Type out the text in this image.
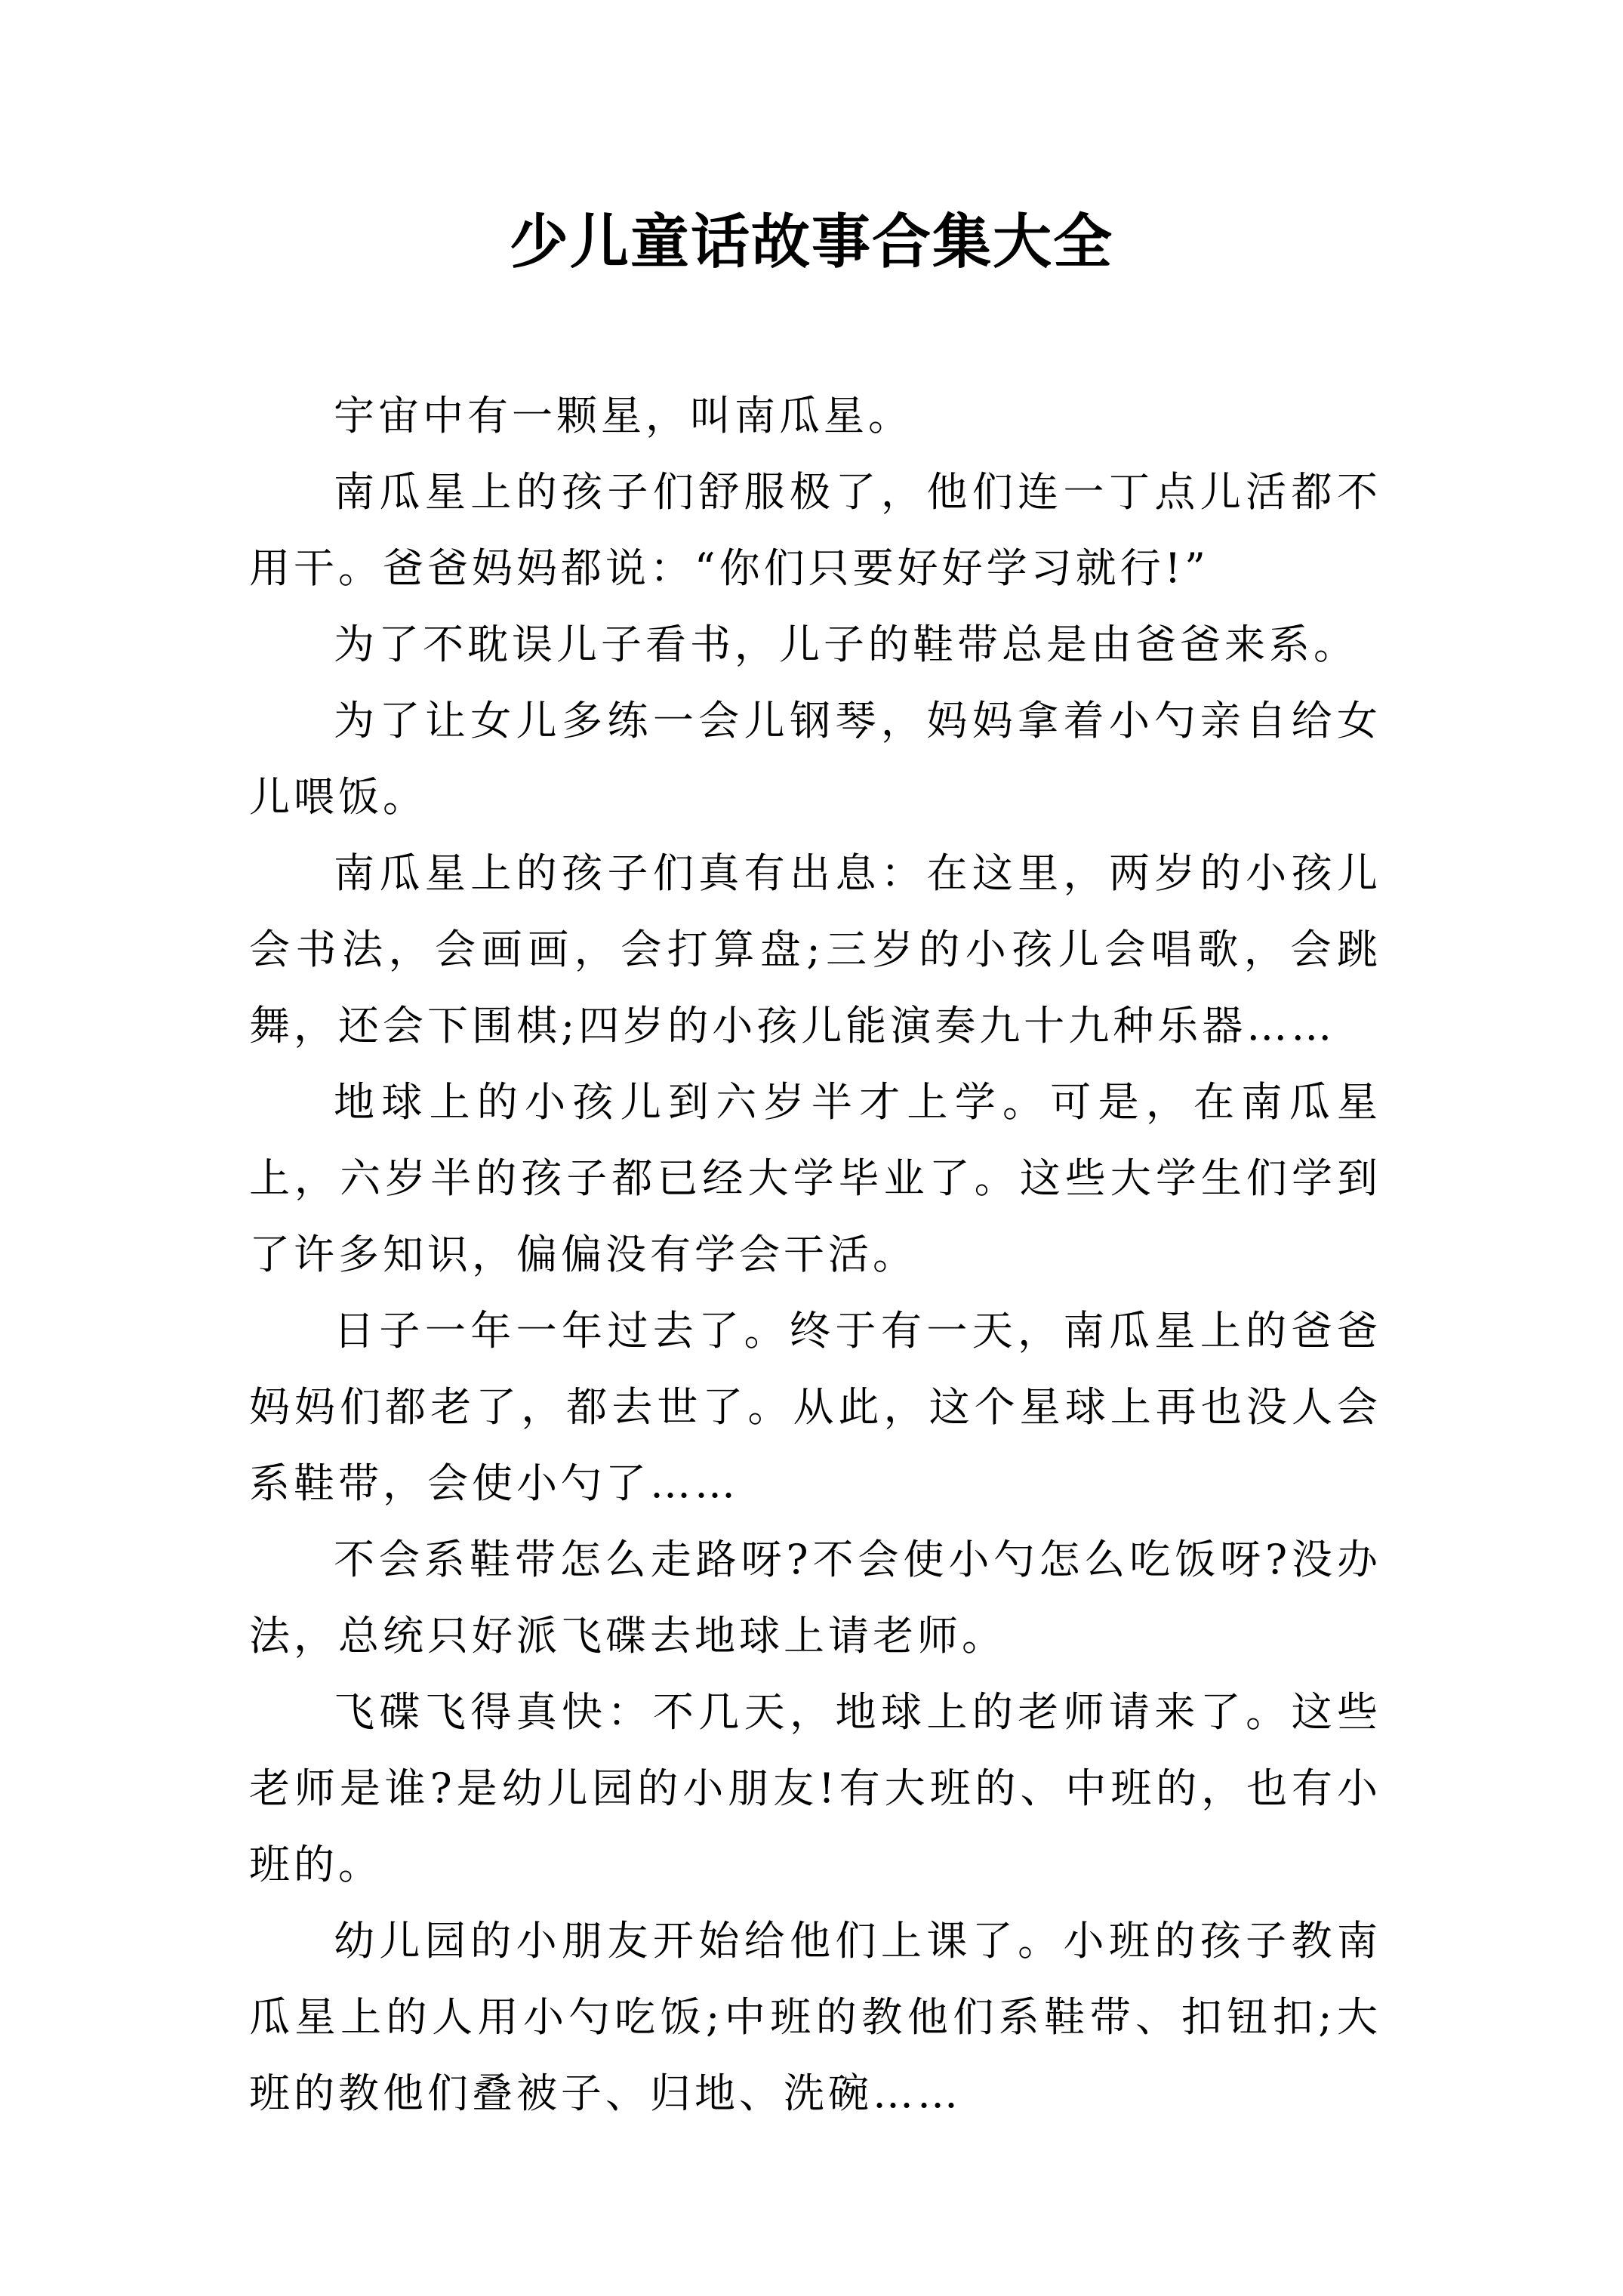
少儿童话故事合集大全

宇宙中有一颗星，叫南瓜星。

南瓜星上的孩子们舒服极了，他们连一丁点儿活都不用干。爸爸妈妈都说：“你们只要好好学习就行!”

为了不耽误儿子看书，儿子的鞋带总是由爸爸来系。

为了让女儿多练一会儿钢琴，妈妈拿着小勺亲自给女儿喂饭。

南瓜星上的孩子们真有出息：在这里，两岁的小孩儿会书法，会画画，会打算盘;三岁的小孩儿会唱歌，会跳舞，还会下围棋;四岁的小孩儿能演奏九十九种乐器……

地球上的小孩儿到六岁半才上学。可是，在南瓜星上，六岁半的孩子都已经大学毕业了。这些大学生们学到了许多知识，偏偏没有学会干活。

日子一年一年过去了。终于有一天，南瓜星上的爸爸妈妈们都老了，都去世了。从此，这个星球上再也没人会系鞋带，会使小勺了……

不会系鞋带怎么走路呀?不会使小勺怎么吃饭呀?没办法，总统只好派飞碟去地球上请老师。

飞碟飞得真快：不几天，地球上的老师请来了。这些老师是谁?是幼儿园的小朋友!有大班的、中班的，也有小班的。

幼儿园的小朋友开始给他们上课了。小班的孩子教南瓜星上的人用小勺吃饭;中班的教他们系鞋带、扣钮扣;大班的教他们叠被子、归地、洗碗……
